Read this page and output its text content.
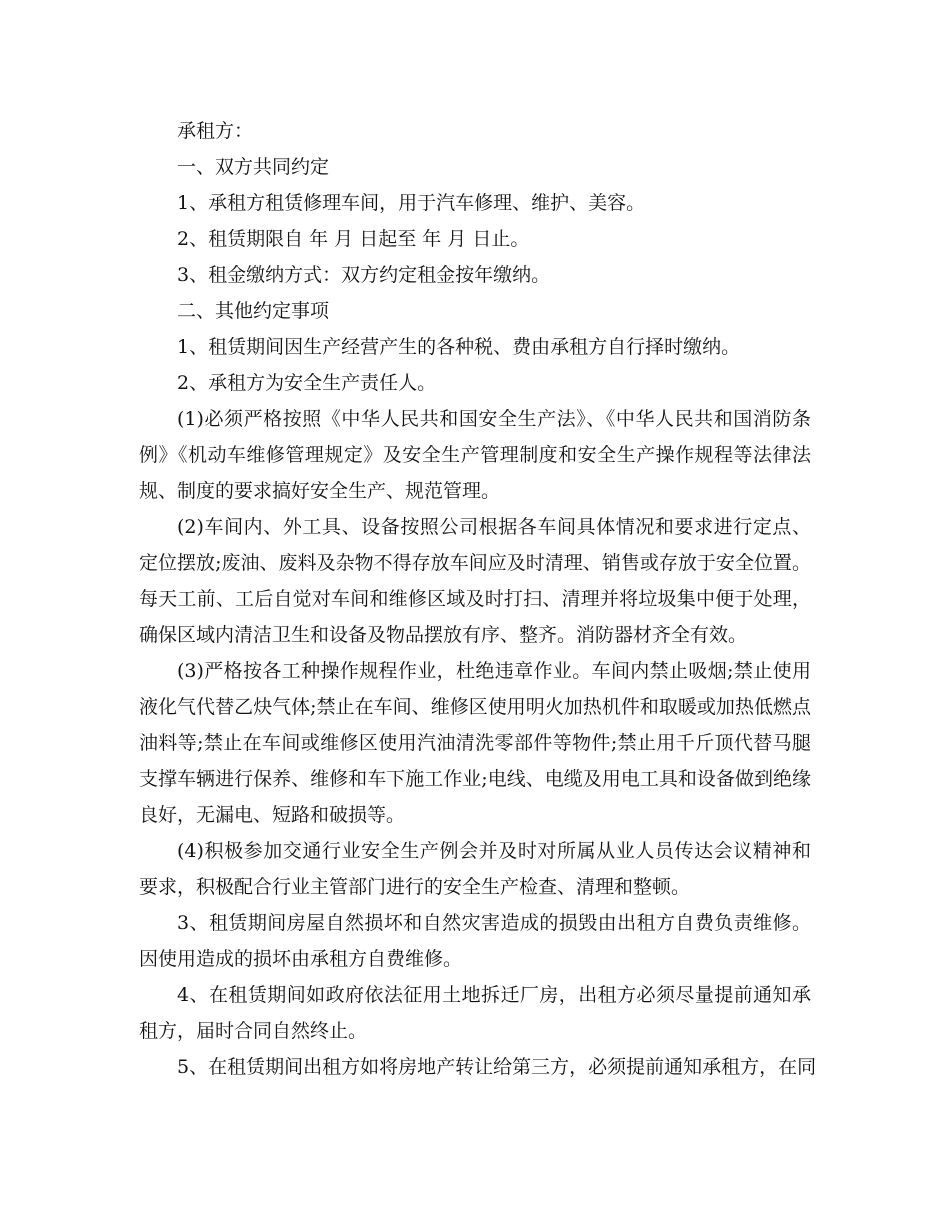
承租方：

一、双方共同约定

1、承租方租赁修理车间，用于汽车修理、维护、美容。

2、租赁期限自 年 月 日起至 年 月 日止。

3、租金缴纳方式：双方约定租金按年缴纳。

二、其他约定事项

1、租赁期间因生产经营产生的各种税、费由承租方自行择时缴纳。

2、承租方为安全生产责任人。

(1)必须严格按照《中华人民共和国安全生产法》、《中华人民共和国消防条例》《机动车维修管理规定》及安全生产管理制度和安全生产操作规程等法律法规、制度的要求搞好安全生产、规范管理。

(2)车间内、外工具、设备按照公司根据各车间具体情况和要求进行定点、定位摆放;废油、废料及杂物不得存放车间应及时清理、销售或存放于安全位置。每天工前、工后自觉对车间和维修区域及时打扫、清理并将垃圾集中便于处理，确保区域内清洁卫生和设备及物品摆放有序、整齐。消防器材齐全有效。

(3)严格按各工种操作规程作业，杜绝违章作业。车间内禁止吸烟;禁止使用液化气代替乙炔气体;禁止在车间、维修区使用明火加热机件和取暖或加热低燃点油料等;禁止在车间或维修区使用汽油清洗零部件等物件;禁止用千斤顶代替马腿支撑车辆进行保养、维修和车下施工作业;电线、电缆及用电工具和设备做到绝缘良好，无漏电、短路和破损等。

(4)积极参加交通行业安全生产例会并及时对所属从业人员传达会议精神和要求，积极配合行业主管部门进行的安全生产检查、清理和整顿。

3、租赁期间房屋自然损坏和自然灾害造成的损毁由出租方自费负责维修。因使用造成的损坏由承租方自费维修。

4、在租赁期间如政府依法征用土地拆迁厂房，出租方必须尽量提前通知承租方，届时合同自然终止。

5、在租赁期间出租方如将房地产转让给第三方，必须提前通知承租方，在同
